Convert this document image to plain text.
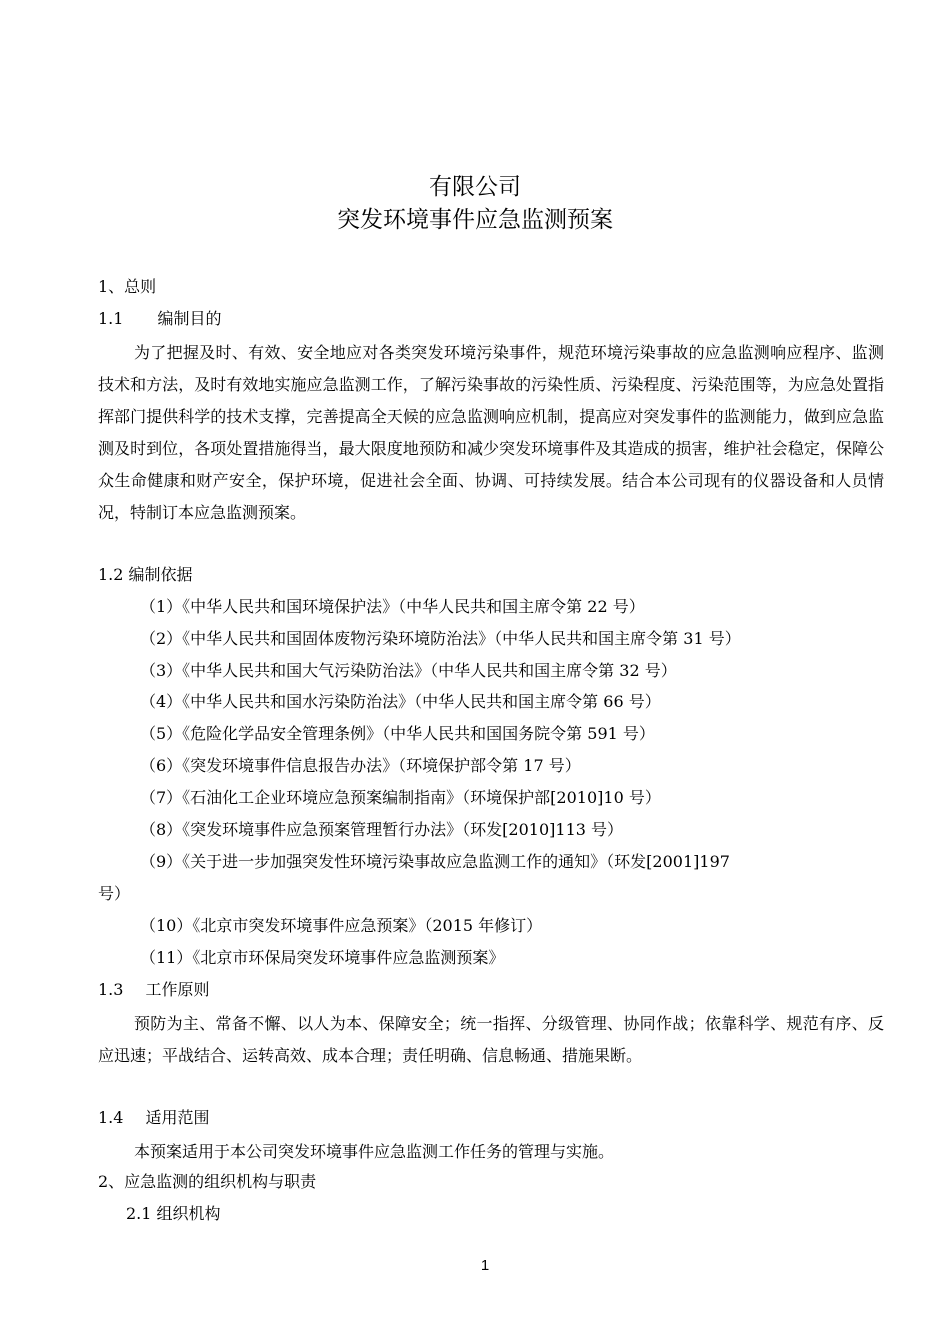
有限公司
突发环境事件应急监测预案
1、总则
1.1 编制目的
为了把握及时、有效、安全地应对各类突发环境污染事件，规范环境污染事故的应急监测响应程序、监测技术和方法，及时有效地实施应急监测工作，了解污染事故的污染性质、污染程度、污染范围等，为应急处置指挥部门提供科学的技术支撑，完善提高全天候的应急监测响应机制，提高应对突发事件的监测能力，做到应急监测及时到位，各项处置措施得当，最大限度地预防和减少突发环境事件及其造成的损害，维护社会稳定，保障公众生命健康和财产安全，保护环境，促进社会全面、协调、可持续发展。结合本公司现有的仪器设备和人员情况，特制订本应急监测预案。
1.2 编制依据
（1）《中华人民共和国环境保护法》（中华人民共和国主席令第 22 号）
（2）《中华人民共和国固体废物污染环境防治法》（中华人民共和国主席令第 31 号）
（3）《中华人民共和国大气污染防治法》（中华人民共和国主席令第 32 号）
（4）《中华人民共和国水污染防治法》（中华人民共和国主席令第 66 号）
（5）《危险化学品安全管理条例》（中华人民共和国国务院令第 591 号）
（6）《突发环境事件信息报告办法》（环境保护部令第 17 号）
（7）《石油化工企业环境应急预案编制指南》（环境保护部[2010]10 号）
（8）《突发环境事件应急预案管理暂行办法》（环发[2010]113 号）
（9）《关于进一步加强突发性环境污染事故应急监测工作的通知》（环发[2001]197
号）
（10）《北京市突发环境事件应急预案》（2015 年修订）
（11）《北京市环保局突发环境事件应急监测预案》
1.3 工作原则
预防为主、常备不懈、以人为本、保障安全；统一指挥、分级管理、协同作战；依靠科学、规范有序、反应迅速；平战结合、运转高效、成本合理；责任明确、信息畅通、措施果断。
1.4 适用范围
本预案适用于本公司突发环境事件应急监测工作任务的管理与实施。
2、应急监测的组织机构与职责
2.1 组织机构
1
